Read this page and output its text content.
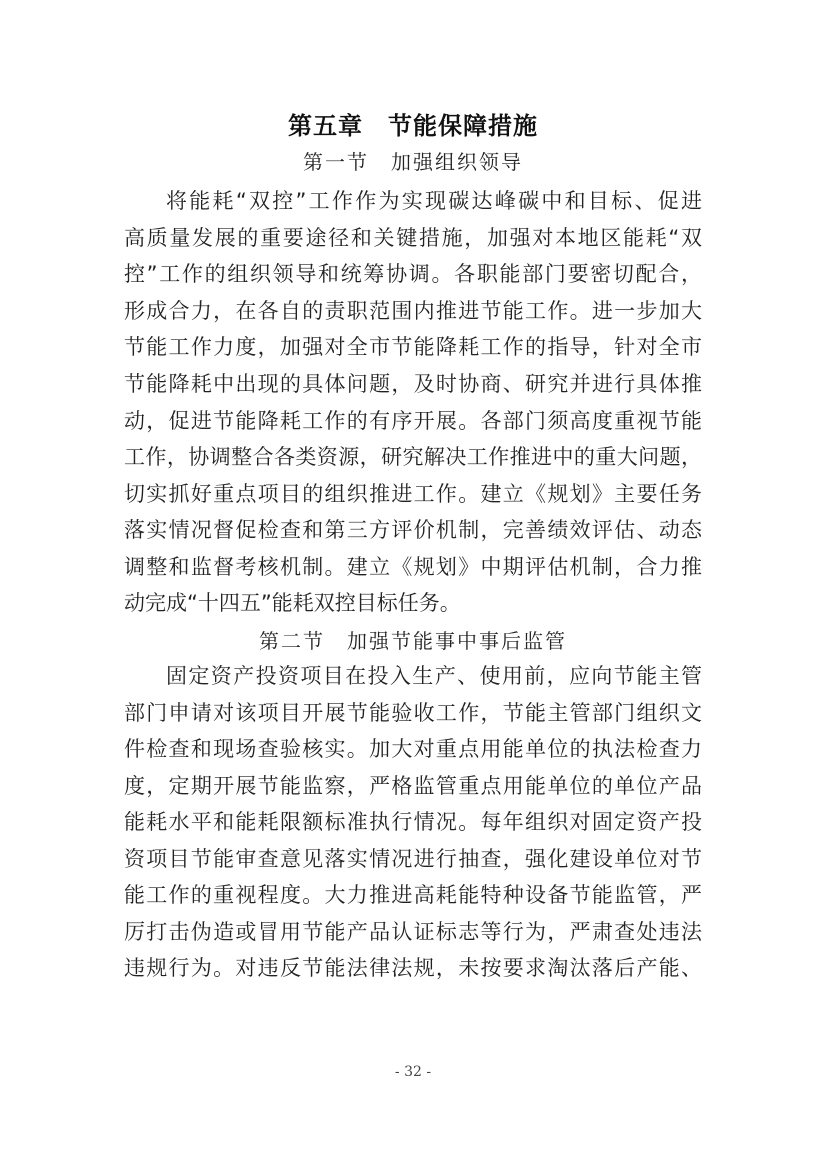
第五章　节能保障措施
第一节　加强组织领导
将能耗“双控”工作作为实现碳达峰碳中和目标、促进
高质量发展的重要途径和关键措施，加强对本地区能耗“双
控”工作的组织领导和统筹协调。各职能部门要密切配合，
形成合力，在各自的责职范围内推进节能工作。进一步加大
节能工作力度，加强对全市节能降耗工作的指导，针对全市
节能降耗中出现的具体问题，及时协商、研究并进行具体推
动，促进节能降耗工作的有序开展。各部门须高度重视节能
工作，协调整合各类资源，研究解决工作推进中的重大问题，
切实抓好重点项目的组织推进工作。建立《规划》主要任务
落实情况督促检查和第三方评价机制，完善绩效评估、动态
调整和监督考核机制。建立《规划》中期评估机制，合力推
动完成“十四五”能耗双控目标任务。
第二节　加强节能事中事后监管
固定资产投资项目在投入生产、使用前，应向节能主管
部门申请对该项目开展节能验收工作，节能主管部门组织文
件检查和现场查验核实。加大对重点用能单位的执法检查力
度，定期开展节能监察，严格监管重点用能单位的单位产品
能耗水平和能耗限额标准执行情况。每年组织对固定资产投
资项目节能审查意见落实情况进行抽查，强化建设单位对节
能工作的重视程度。大力推进高耗能特种设备节能监管，严
厉打击伪造或冒用节能产品认证标志等行为，严肃查处违法
违规行为。对违反节能法律法规，未按要求淘汰落后产能、
- 32 -
